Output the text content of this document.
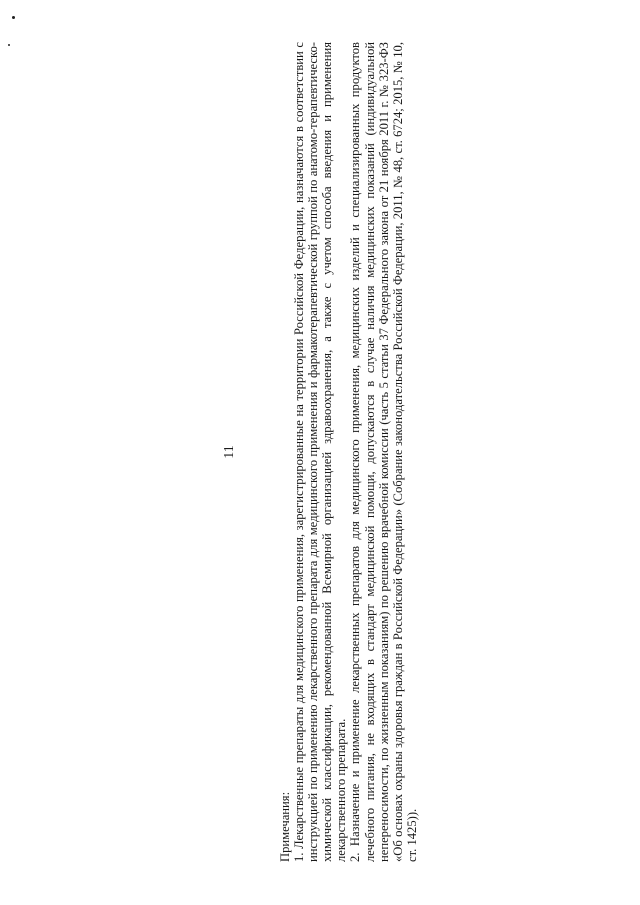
11

Примечания: 1. Лекарственные препараты для медицинского применения, зарегистрированные на территории Российской Федерации, назначаются в соответствии с инструкцией по применению лекарственного препарата для медицинского применения и фармакотерапевтической группой по анатомо-терапевтическо-химической классификации, рекомендованной Всемирной организацией здравоохранения, а также с учетом способа введения и применения лекарственного препарата. 2. Назначение и применение лекарственных препаратов для медицинского применения, медицинских изделий и специализированных продуктов лечебного питания, не входящих в стандарт медицинской помощи, допускаются в случае наличия медицинских показаний (индивидуальной непереносимости, по жизненным показаниям) по решению врачебной комиссии (часть 5 статьи 37 Федерального закона от 21 ноября 2011 г. № 323-ФЗ «Об основах охраны здоровья граждан в Российской Федерации» (Собрание законодательства Российской Федерации, 2011, № 48, ст. 6724; 2015, № 10, ст. 1425)).
